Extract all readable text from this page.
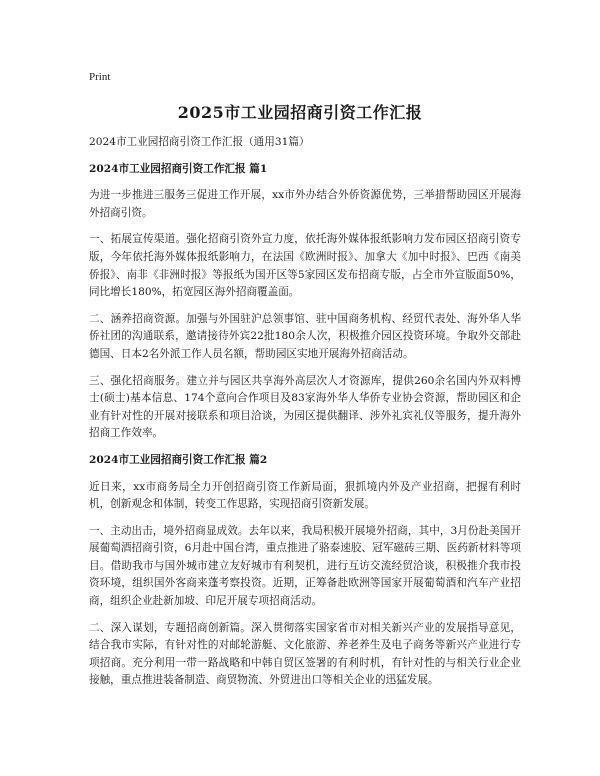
Print
2025市工业园招商引资工作汇报

2024市工业园招商引资工作汇报（通用31篇）

2024市工业园招商引资工作汇报 篇1

为进一步推进三服务三促进工作开展，xx市外办结合外侨资源优势，三举措帮助园区开展海外招商引资。

一、拓展宣传渠道。强化招商引资外宣力度，依托海外媒体报纸影响力发布园区招商引资专版，今年依托海外媒体报纸影响力，在法国《欧洲时报》、加拿大《加中时报》、巴西《南美侨报》、南非《非洲时报》等报纸为国开区等5家园区发布招商专版，占全市外宣版面50%，同比增长180%，拓宽园区海外招商覆盖面。

二、涵养招商资源。加强与外国驻沪总领事馆、驻中国商务机构、经贸代表处、海外华人华侨社团的沟通联系，邀请接待外宾22批180余人次，积极推介园区投资环境。争取外交部赴德国、日本2名外派工作人员名额，帮助园区实地开展海外招商活动。

三、强化招商服务。建立并与园区共享海外高层次人才资源库，提供260余名国内外双料博士(硕士)基本信息、174个意向合作项目及83家海外华人华侨专业协会资源，帮助园区和企业有针对性的开展对接联系和项目洽谈，为园区提供翻译、涉外礼宾礼仪等服务，提升海外招商工作效率。

2024市工业园招商引资工作汇报 篇2

近日来，xx市商务局全力开创招商引资工作新局面，狠抓境内外及产业招商，把握有利时机，创新观念和体制，转变工作思路，实现招商引资新发展。

一、主动出击，境外招商显成效。去年以来，我局积极开展境外招商，其中，3月份赴美国开展葡萄酒招商引资，6月赴中国台湾，重点推进了骆泰速胶、冠军磁砖三期、医药新材料等项目。借助我市与国外城市建立友好城市有利契机，进行互访交流经贸洽谈，积极推介我市投资环境，组织国外客商来蓬考察投资。近期，正筹备赴欧洲等国家开展葡萄酒和汽车产业招商，组织企业赴新加坡、印尼开展专项招商活动。

二、深入谋划，专题招商创新篇。深入贯彻落实国家省市对相关新兴产业的发展指导意见，结合我市实际，有针对性的对邮轮游艇、文化旅游、养老养生及电子商务等新兴产业进行专项招商。充分利用一带一路战略和中韩自贸区签署的有利时机，有针对性的与相关行业企业接触，重点推进装备制造、商贸物流、外贸进出口等相关企业的迅猛发展。
